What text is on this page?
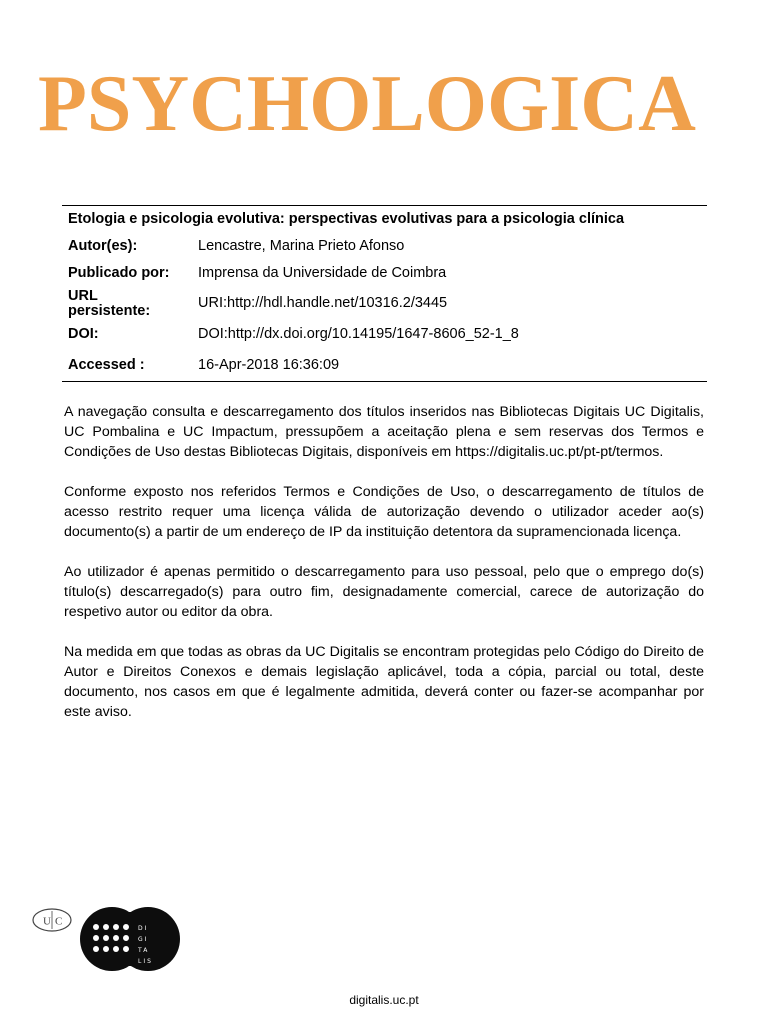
PSYCHOLOGICA
Etologia e psicologia evolutiva: perspectivas evolutivas para a psicologia clínica
Autor(es):	Lencastre, Marina Prieto Afonso
Publicado por:	Imprensa da Universidade de Coimbra
URL persistente:	URI:http://hdl.handle.net/10316.2/3445
DOI:	DOI:http://dx.doi.org/10.14195/1647-8606_52-1_8
Accessed :	16-Apr-2018 16:36:09

A navegação consulta e descarregamento dos títulos inseridos nas Bibliotecas Digitais UC Digitalis, UC Pombalina e UC Impactum, pressupõem a aceitação plena e sem reservas dos Termos e Condições de Uso destas Bibliotecas Digitais, disponíveis em https://digitalis.uc.pt/pt-pt/termos.

Conforme exposto nos referidos Termos e Condições de Uso, o descarregamento de títulos de acesso restrito requer uma licença válida de autorização devendo o utilizador aceder ao(s) documento(s) a partir de um endereço de IP da instituição detentora da supramencionada licença.

Ao utilizador é apenas permitido o descarregamento para uso pessoal, pelo que o emprego do(s) título(s) descarregado(s) para outro fim, designadamente comercial, carece de autorização do respetivo autor ou editor da obra.

Na medida em que todas as obras da UC Digitalis se encontram protegidas pelo Código do Direito de Autor e Direitos Conexos e demais legislação aplicável, toda a cópia, parcial ou total, deste documento, nos casos em que é legalmente admitida, deverá conter ou fazer-se acompanhar por este aviso.

U C
DI
GI
TA
LIS
digitalis.uc.pt
